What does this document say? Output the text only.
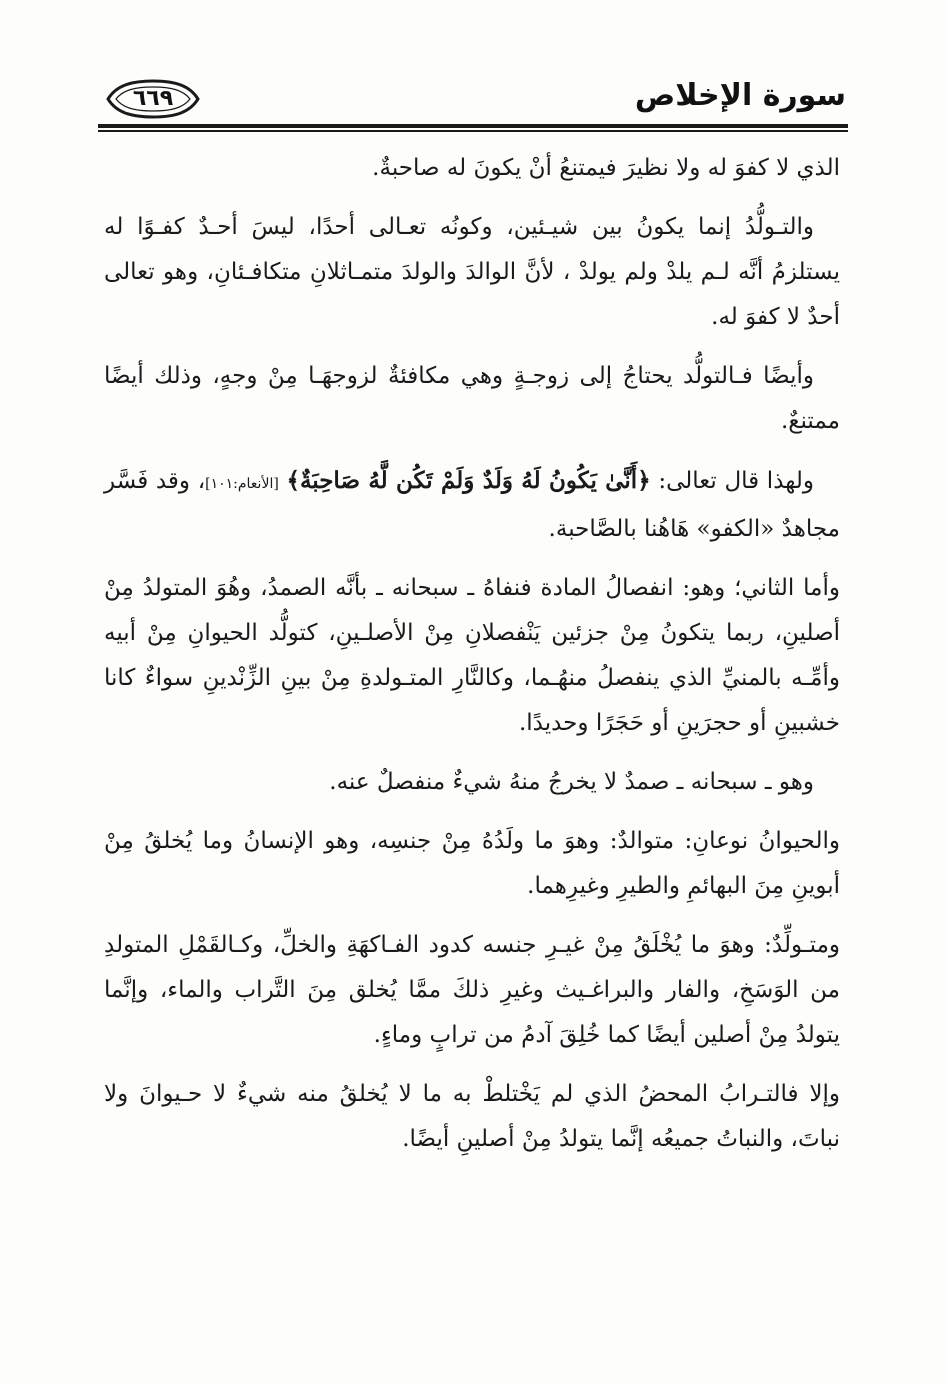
سورة الإخلاص
٦٦٩

الذي لا كفوَ له ولا نظيرَ فيمتنعُ أنْ يكونَ له صاحبةٌ.

والتـولُّدُ إنما يكونُ بين شيـئين، وكونُه تعـالى أحدًا، ليسَ أحـدٌ كفـوًا له يستلزمُ أنَّه لـم يلدْ ولم يولدْ ، لأنَّ الوالدَ والولدَ متمـاثلانِ متكافـئانِ، وهو تعالى أحدٌ لا كفوَ له.

وأيضًا فـالتولُّد يحتاجُ إلى زوجـةٍ وهي مكافئةٌ لزوجهَـا مِنْ وجهٍ، وذلك أيضًا ممتنعٌ.

ولهذا قال تعالى: ﴿أَنَّىٰ يَكُونُ لَهُ وَلَدٌ وَلَمْ تَكُن لَّهُ صَاحِبَةٌ﴾ [الأنعام:١٠١]، وقد فَسَّر مجاهدٌ «الكفو» هَاهُنا بالصَّاحبة.

وأما الثاني؛ وهو: انفصالُ المادة فنفاهُ ـ سبحانه ـ بأنَّه الصمدُ، وهُوَ المتولدُ مِنْ أصلينِ، ربما يتكونُ مِنْ جزئين يَنْفصلانِ مِنْ الأصلـينِ، كتولُّد الحيوانِ مِنْ أبيه وأمِّـه بالمنيِّ الذي ينفصلُ منهُـما، وكالنَّارِ المتـولدةِ مِنْ بينِ الزِّنْدينِ سواءٌ كانا خشبينِ أو حجرَينِ أو حَجَرًا وحديدًا.

وهو ـ سبحانه ـ صمدٌ لا يخرجُ منهُ شيءٌ منفصلٌ عنه.

والحيوانُ نوعانِ: متوالدٌ: وهوَ ما ولَدُهُ مِنْ جنسِه، وهو الإنسانُ وما يُخلقُ مِنْ أبوينِ مِنَ البهائمِ والطيرِ وغيرِهما.

ومتـولِّدٌ: وهوَ ما يُخْلَقُ مِنْ غيـرِ جنسه كدود الفـاكهَةِ والخلِّ، وكـالقَمْلِ المتولدِ من الوَسَخِ، والفار والبراغـيث وغيرِ ذلكَ ممَّا يُخلق مِنَ التَّراب والماء، وإنَّما يتولدُ مِنْ أصلين أيضًا كما خُلِقَ آدمُ من ترابٍ وماءٍ.

وإلا فالتـرابُ المحضُ الذي لم يَخْتلطْ به ما لا يُخلقُ منه شيءٌ لا حـيوانَ ولا نباتَ، والنباتُ جميعُه إنَّما يتولدُ مِنْ أصلينِ أيضًا.
